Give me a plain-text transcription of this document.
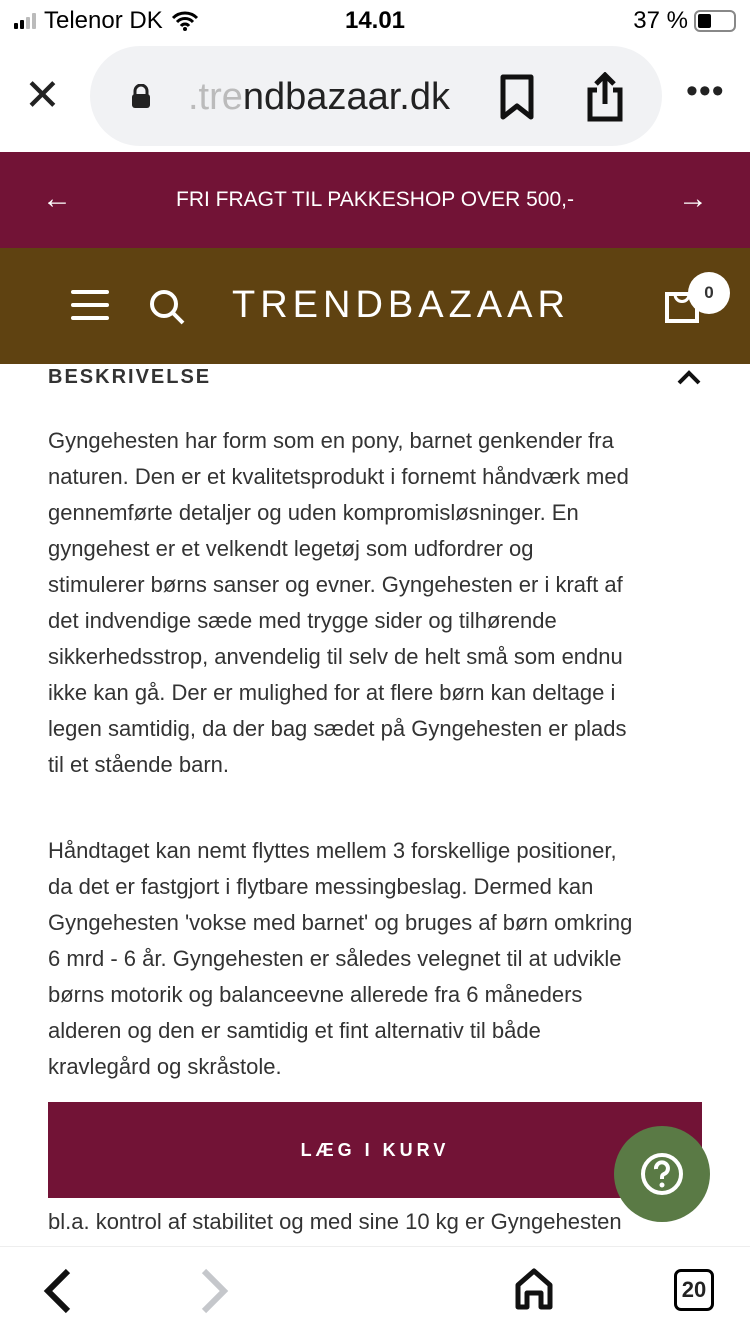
Telenor DK	14.01	37 %
✕	.trendbazaar.dk	•••
←	FRI FRAGT TIL PAKKESHOP OVER 500,-	→
TRENDBAZAAR	0
BESKRIVELSE
Gyngehesten har form som en pony, barnet genkender fra
naturen. Den er et kvalitetsprodukt i fornemt håndværk med
gennemførte detaljer og uden kompromisløsninger. En
gyngehest er et velkendt legetøj som udfordrer og
stimulerer børns sanser og evner. Gyngehesten er i kraft af
det indvendige sæde med trygge sider og tilhørende
sikkerhedsstrop, anvendelig til selv de helt små som endnu
ikke kan gå. Der er mulighed for at flere børn kan deltage i
legen samtidig, da der bag sædet på Gyngehesten er plads
til et stående barn.
Håndtaget kan nemt flyttes mellem 3 forskellige positioner,
da det er fastgjort i flytbare messingbeslag. Dermed kan
Gyngehesten 'vokse med barnet' og bruges af børn omkring
6 mrd - 6 år. Gyngehesten er således velegnet til at udvikle
børns motorik og balanceevne allerede fra 6 måneders
alderen og den er samtidig et fint alternativ til både
kravlegård og skråstole.
bl.a. kontrol af stabilitet og med sine 10 kg er Gyngehesten
LÆG I KURV
20
